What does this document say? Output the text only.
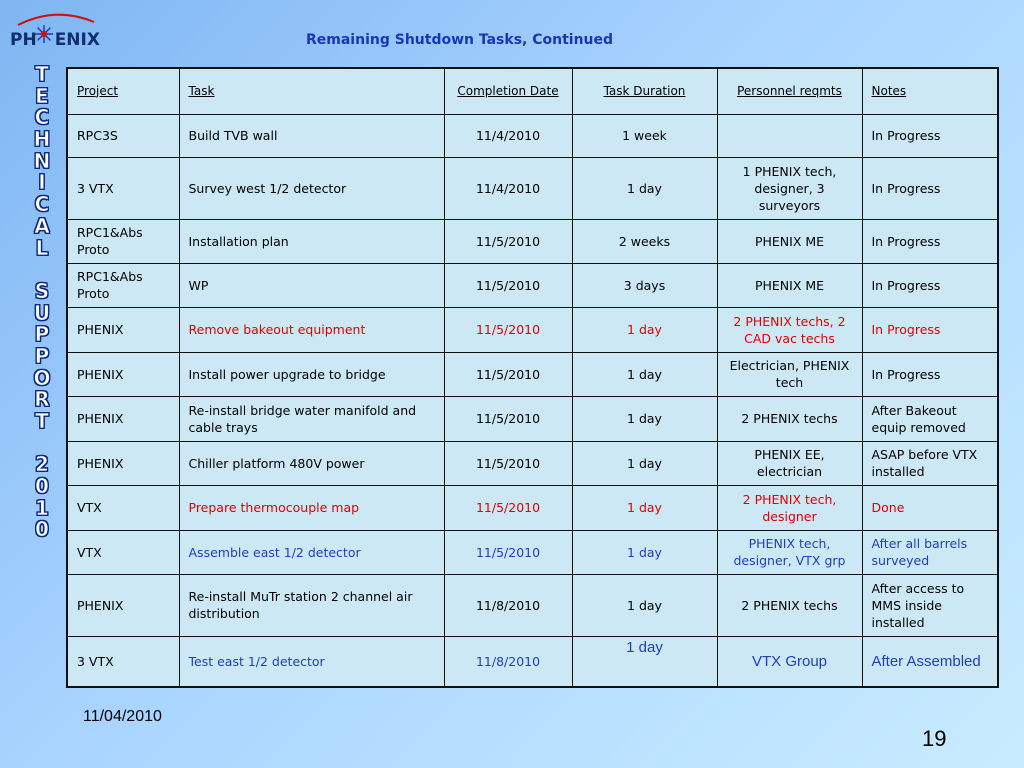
PH ENIX	Remaining Shutdown Tasks, Continued
T
E
C
H
N
I
C
A
L
S
U
P
P
O
R
T
2
0
1
0
Project	Task	Completion Date	Task Duration	Personnel reqmts	Notes
RPC3S	Build TVB wall	11/4/2010	1 week		In Progress
3 VTX	Survey west 1/2 detector	11/4/2010	1 day	1 PHENIX tech, designer, 3 surveyors	In Progress
RPC1&Abs Proto	Installation plan	11/5/2010	2 weeks	PHENIX ME	In Progress
RPC1&Abs Proto	WP	11/5/2010	3 days	PHENIX ME	In Progress
PHENIX	Remove bakeout equipment	11/5/2010	1 day	2 PHENIX techs, 2 CAD vac techs	In Progress
PHENIX	Install power upgrade to bridge	11/5/2010	1 day	Electrician, PHENIX tech	In Progress
PHENIX	Re-install bridge water manifold and cable trays	11/5/2010	1 day	2 PHENIX techs	After Bakeout equip removed
PHENIX	Chiller platform 480V power	11/5/2010	1 day	PHENIX EE, electrician	ASAP before VTX installed
VTX	Prepare thermocouple map	11/5/2010	1 day	2 PHENIX tech, designer	Done
VTX	Assemble east 1/2 detector	11/5/2010	1 day	PHENIX tech, designer, VTX grp	After all barrels surveyed
PHENIX	Re-install MuTr station 2 channel air distribution	11/8/2010	1 day	2 PHENIX techs	After access to MMS inside installed
3 VTX	Test east 1/2 detector	11/8/2010	1 day	VTX Group	After Assembled
11/04/2010
19
